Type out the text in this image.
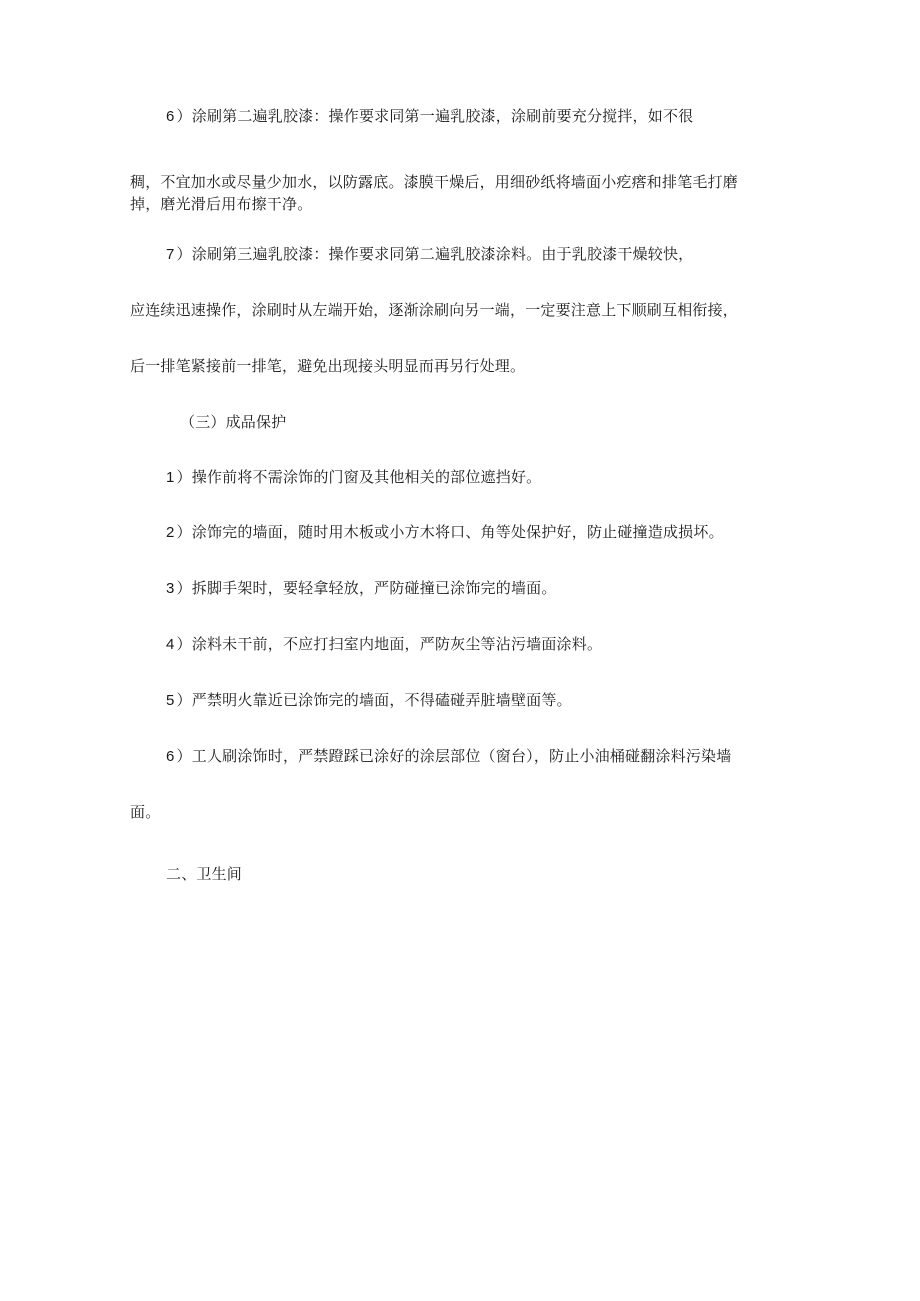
6 ）涂刷第二遍乳胶漆：操作要求同第一遍乳胶漆，涂刷前要充分搅拌，如不很

稠，不宜加水或尽量少加水，以防露底。漆膜干燥后，用细砂纸将墙面小疙瘩和排笔毛打磨

掉，磨光滑后用布擦干净。

7 ）涂刷第三遍乳胶漆：操作要求同第二遍乳胶漆涂料。由于乳胶漆干燥较快，

应连续迅速操作，涂刷时从左端开始，逐渐涂刷向另一端，一定要注意上下顺刷互相衔接，

后一排笔紧接前一排笔，避免出现接头明显而再另行处理。

（三）成品保护

1 ）操作前将不需涂饰的门窗及其他相关的部位遮挡好。

2 ）涂饰完的墙面，随时用木板或小方木将口、角等处保护好，防止碰撞造成损坏。

3 ）拆脚手架时，要轻拿轻放，严防碰撞已涂饰完的墙面。

4 ）涂料未干前，不应打扫室内地面，严防灰尘等沾污墙面涂料。

5 ）严禁明火靠近已涂饰完的墙面，不得磕碰弄脏墙壁面等。

6 ）工人刷涂饰时，严禁蹬踩已涂好的涂层部位（窗台），防止小油桶碰翻涂料污染墙

面。

二、卫生间
